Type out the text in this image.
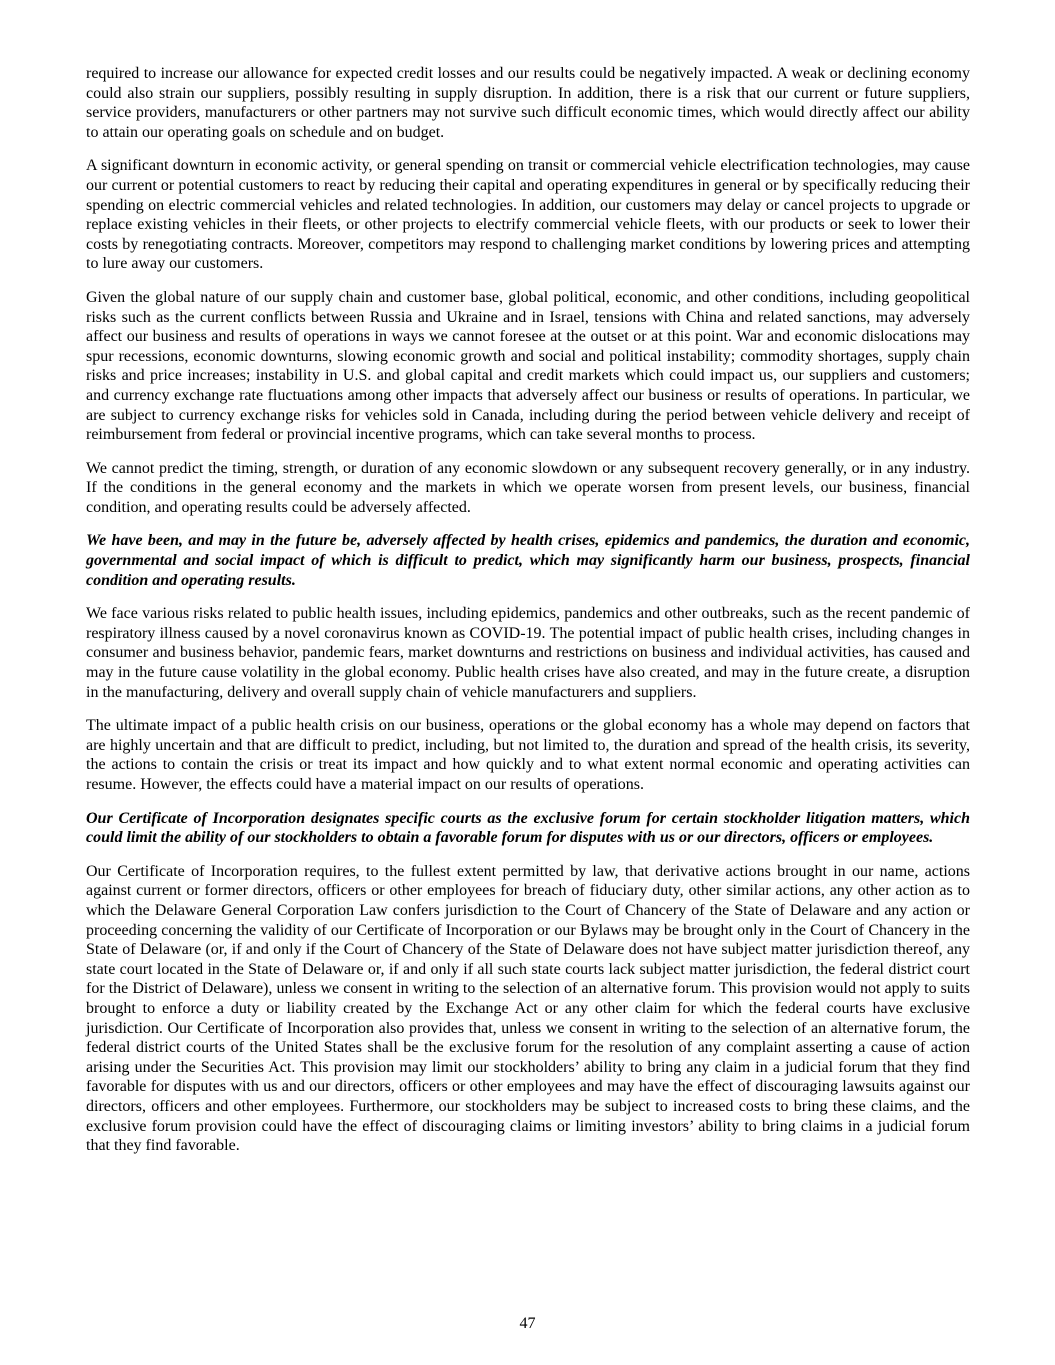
required to increase our allowance for expected credit losses and our results could be negatively impacted. A weak or declining economy could also strain our suppliers, possibly resulting in supply disruption. In addition, there is a risk that our current or future suppliers, service providers, manufacturers or other partners may not survive such difficult economic times, which would directly affect our ability to attain our operating goals on schedule and on budget.

A significant downturn in economic activity, or general spending on transit or commercial vehicle electrification technologies, may cause our current or potential customers to react by reducing their capital and operating expenditures in general or by specifically reducing their spending on electric commercial vehicles and related technologies. In addition, our customers may delay or cancel projects to upgrade or replace existing vehicles in their fleets, or other projects to electrify commercial vehicle fleets, with our products or seek to lower their costs by renegotiating contracts. Moreover, competitors may respond to challenging market conditions by lowering prices and attempting to lure away our customers.

Given the global nature of our supply chain and customer base, global political, economic, and other conditions, including geopolitical risks such as the current conflicts between Russia and Ukraine and in Israel, tensions with China and related sanctions, may adversely affect our business and results of operations in ways we cannot foresee at the outset or at this point. War and economic dislocations may spur recessions, economic downturns, slowing economic growth and social and political instability; commodity shortages, supply chain risks and price increases; instability in U.S. and global capital and credit markets which could impact us, our suppliers and customers; and currency exchange rate fluctuations among other impacts that adversely affect our business or results of operations. In particular, we are subject to currency exchange risks for vehicles sold in Canada, including during the period between vehicle delivery and receipt of reimbursement from federal or provincial incentive programs, which can take several months to process.

We cannot predict the timing, strength, or duration of any economic slowdown or any subsequent recovery generally, or in any industry. If the conditions in the general economy and the markets in which we operate worsen from present levels, our business, financial condition, and operating results could be adversely affected.

We have been, and may in the future be, adversely affected by health crises, epidemics and pandemics, the duration and economic, governmental and social impact of which is difficult to predict, which may significantly harm our business, prospects, financial condition and operating results.

We face various risks related to public health issues, including epidemics, pandemics and other outbreaks, such as the recent pandemic of respiratory illness caused by a novel coronavirus known as COVID-19. The potential impact of public health crises, including changes in consumer and business behavior, pandemic fears, market downturns and restrictions on business and individual activities, has caused and may in the future cause volatility in the global economy. Public health crises have also created, and may in the future create, a disruption in the manufacturing, delivery and overall supply chain of vehicle manufacturers and suppliers.

The ultimate impact of a public health crisis on our business, operations or the global economy has a whole may depend on factors that are highly uncertain and that are difficult to predict, including, but not limited to, the duration and spread of the health crisis, its severity, the actions to contain the crisis or treat its impact and how quickly and to what extent normal economic and operating activities can resume. However, the effects could have a material impact on our results of operations.

Our Certificate of Incorporation designates specific courts as the exclusive forum for certain stockholder litigation matters, which could limit the ability of our stockholders to obtain a favorable forum for disputes with us or our directors, officers or employees.

Our Certificate of Incorporation requires, to the fullest extent permitted by law, that derivative actions brought in our name, actions against current or former directors, officers or other employees for breach of fiduciary duty, other similar actions, any other action as to which the Delaware General Corporation Law confers jurisdiction to the Court of Chancery of the State of Delaware and any action or proceeding concerning the validity of our Certificate of Incorporation or our Bylaws may be brought only in the Court of Chancery in the State of Delaware (or, if and only if the Court of Chancery of the State of Delaware does not have subject matter jurisdiction thereof, any state court located in the State of Delaware or, if and only if all such state courts lack subject matter jurisdiction, the federal district court for the District of Delaware), unless we consent in writing to the selection of an alternative forum. This provision would not apply to suits brought to enforce a duty or liability created by the Exchange Act or any other claim for which the federal courts have exclusive jurisdiction. Our Certificate of Incorporation also provides that, unless we consent in writing to the selection of an alternative forum, the federal district courts of the United States shall be the exclusive forum for the resolution of any complaint asserting a cause of action arising under the Securities Act. This provision may limit our stockholders’ ability to bring any claim in a judicial forum that they find favorable for disputes with us and our directors, officers or other employees and may have the effect of discouraging lawsuits against our directors, officers and other employees. Furthermore, our stockholders may be subject to increased costs to bring these claims, and the exclusive forum provision could have the effect of discouraging claims or limiting investors’ ability to bring claims in a judicial forum that they find favorable.

47
